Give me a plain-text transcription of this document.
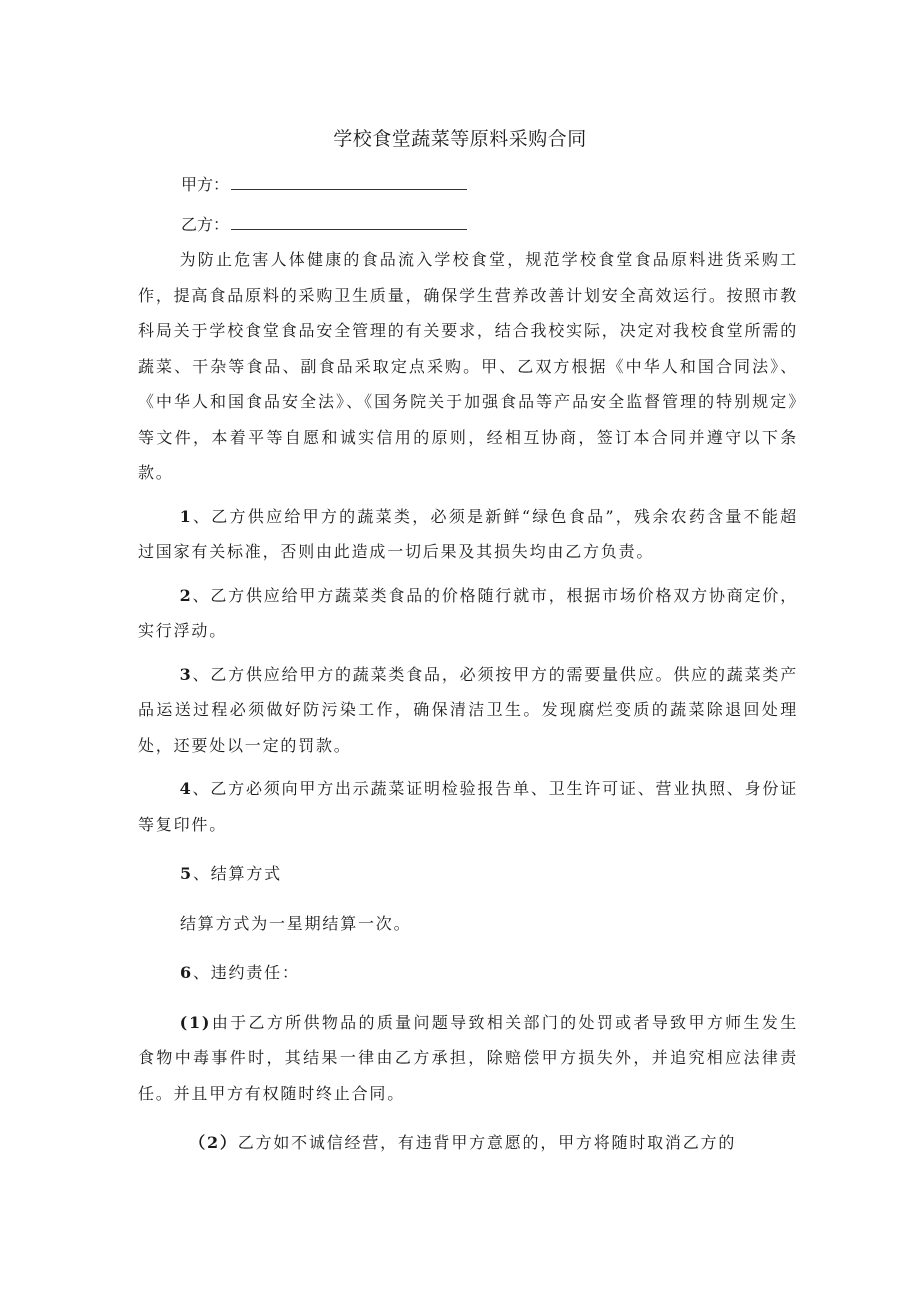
学校食堂蔬菜等原料采购合同
甲方：
乙方：

为防止危害人体健康的食品流入学校食堂，规范学校食堂食品原料进货采购工作，提高食品原料的采购卫生质量，确保学生营养改善计划安全高效运行。按照市教科局关于学校食堂食品安全管理的有关要求，结合我校实际，决定对我校食堂所需的蔬菜、干杂等食品、副食品采取定点采购。甲、乙双方根据《中华人和国合同法》、《中华人和国食品安全法》、《国务院关于加强食品等产品安全监督管理的特别规定》等文件，本着平等自愿和诚实信用的原则，经相互协商，签订本合同并遵守以下条款。

1、乙方供应给甲方的蔬菜类，必须是新鲜“绿色食品”，残余农药含量不能超过国家有关标准，否则由此造成一切后果及其损失均由乙方负责。

2、乙方供应给甲方蔬菜类食品的价格随行就市，根据市场价格双方协商定价，实行浮动。

3、乙方供应给甲方的蔬菜类食品，必须按甲方的需要量供应。供应的蔬菜类产品运送过程必须做好防污染工作，确保清洁卫生。发现腐烂变质的蔬菜除退回处理处，还要处以一定的罚款。

4、乙方必须向甲方出示蔬菜证明检验报告单、卫生许可证、营业执照、身份证等复印件。

5、结算方式

结算方式为一星期结算一次。

6、违约责任：

(1)由于乙方所供物品的质量问题导致相关部门的处罚或者导致甲方师生发生食物中毒事件时，其结果一律由乙方承担，除赔偿甲方损失外，并追究相应法律责任。并且甲方有权随时终止合同。

（2）乙方如不诚信经营，有违背甲方意愿的，甲方将随时取消乙方的
